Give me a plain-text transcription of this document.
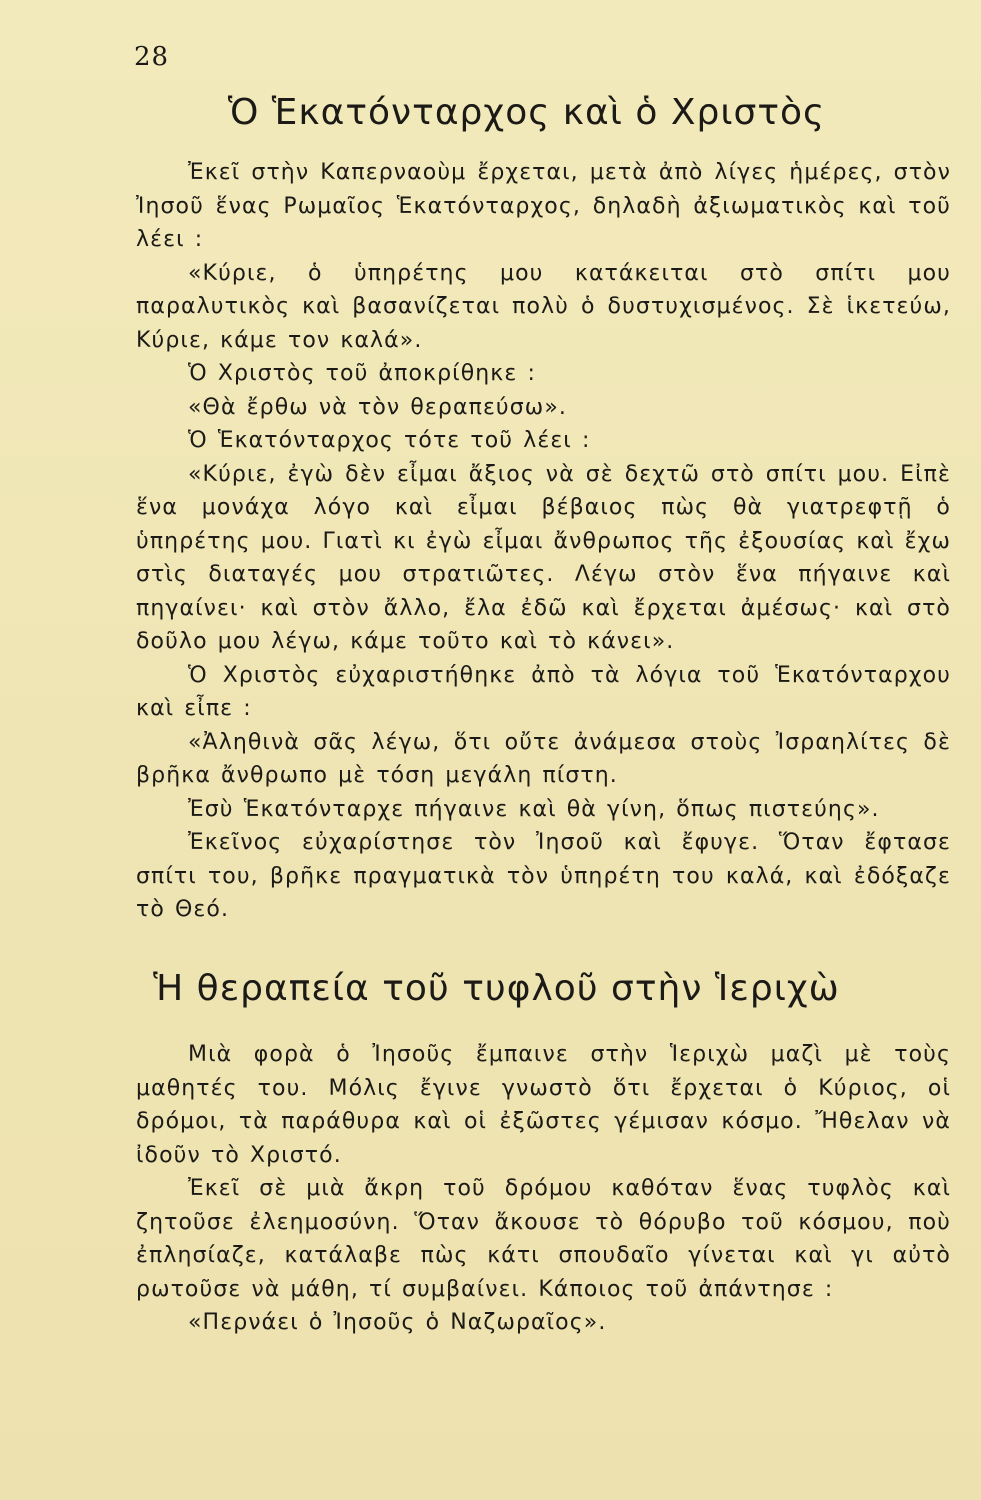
28
Ὁ Ἑκατόνταρχος καὶ ὁ Χριστὸς

Ἐκεῖ στὴν Καπερναοὺμ ἔρχεται, μετὰ ἀπὸ λίγες ἡμέρες, στὸν Ἰησοῦ ἕνας Ρωμαῖος Ἑκατόνταρχος, δηλαδὴ ἀξιωματικὸς καὶ τοῦ λέει :

«Κύριε, ὁ ὑπηρέτης μου κατάκειται στὸ σπίτι μου παραλυτικὸς καὶ βασανίζεται πολὺ ὁ δυστυχισμένος. Σὲ ἱκετεύω, Κύριε, κάμε τον καλά».

Ὁ Χριστὸς τοῦ ἀποκρίθηκε :

«Θὰ ἔρθω νὰ τὸν θεραπεύσω».

Ὁ Ἑκατόνταρχος τότε τοῦ λέει :

«Κύριε, ἐγὼ δὲν εἶμαι ἄξιος νὰ σὲ δεχτῶ στὸ σπίτι μου. Εἰπὲ ἕνα μονάχα λόγο καὶ εἶμαι βέβαιος πὼς θὰ γιατρεφτῇ ὁ ὑπηρέτης μου. Γιατὶ κι ἐγὼ εἶμαι ἄνθρωπος τῆς ἐξουσίας καὶ ἔχω στὶς διαταγές μου στρατιῶτες. Λέγω στὸν ἕνα πήγαινε καὶ πηγαίνει· καὶ στὸν ἄλλο, ἔλα ἐδῶ καὶ ἔρχεται ἀμέσως· καὶ στὸ δοῦλο μου λέγω, κάμε τοῦτο καὶ τὸ κάνει».

Ὁ Χριστὸς εὐχαριστήθηκε ἀπὸ τὰ λόγια τοῦ Ἑκατόνταρχου καὶ εἶπε :

«Ἀληθινὰ σᾶς λέγω, ὅτι οὔτε ἀνάμεσα στοὺς Ἰσραηλίτες δὲ βρῆκα ἄνθρωπο μὲ τόση μεγάλη πίστη.

Ἐσὺ Ἑκατόνταρχε πήγαινε καὶ θὰ γίνη, ὅπως πιστεύης».

Ἐκεῖνος εὐχαρίστησε τὸν Ἰησοῦ καὶ ἔφυγε. Ὅταν ἔφτασε σπίτι του, βρῆκε πραγματικὰ τὸν ὑπηρέτη του καλά, καὶ ἐδόξαζε τὸ Θεό.

Ἡ θεραπεία τοῦ τυφλοῦ στὴν Ἱεριχὼ

Μιὰ φορὰ ὁ Ἰησοῦς ἔμπαινε στὴν Ἱεριχὼ μαζὶ μὲ τοὺς μαθητές του. Μόλις ἔγινε γνωστὸ ὅτι ἔρχεται ὁ Κύριος, οἱ δρόμοι, τὰ παράθυρα καὶ οἱ ἐξῶστες γέμισαν κόσμο. Ἤθελαν νὰ ἰδοῦν τὸ Χριστό.

Ἐκεῖ σὲ μιὰ ἄκρη τοῦ δρόμου καθόταν ἕνας τυφλὸς καὶ ζητοῦσε ἐλεημοσύνη. Ὅταν ἄκουσε τὸ θόρυβο τοῦ κόσμου, ποὺ ἐπλησίαζε, κατάλαβε πὼς κάτι σπουδαῖο γίνεται καὶ γι αὐτὸ ρωτοῦσε νὰ μάθη, τί συμβαίνει. Κάποιος τοῦ ἀπάντησε :

«Περνάει ὁ Ἰησοῦς ὁ Ναζωραῖος».
